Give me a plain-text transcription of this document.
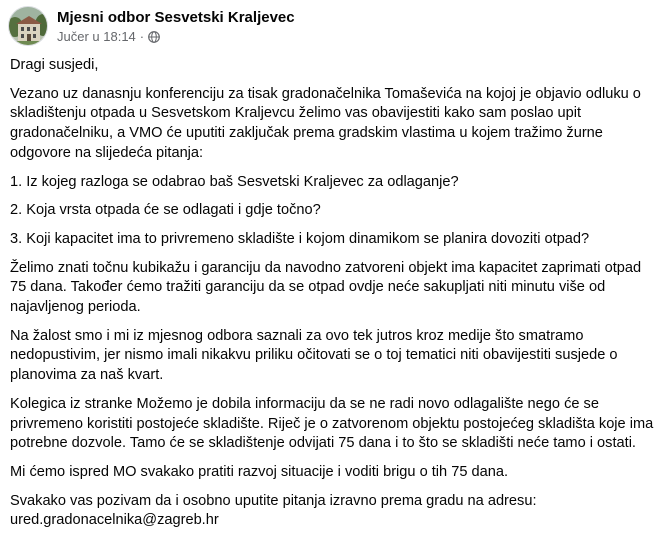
Mjesni odbor Sesvetski Kraljevec
Jučer u 18:14 ·

Dragi susjedi,

Vezano uz danasnju konferenciju za tisak gradonačelnika Tomaševića na kojoj je objavio odluku o skladištenju otpada u Sesvetskom Kraljevcu želimo vas obavijestiti kako sam poslao upit gradonačelniku, a VMO će uputiti zaključak prema gradskim vlastima u kojem tražimo žurne odgovore na slijedeća pitanja:

1. Iz kojeg razloga se odabrao baš Sesvetski Kraljevec za odlaganje?

2. Koja vrsta otpada će se odlagati i gdje točno?

3. Koji kapacitet ima to privremeno skladište i kojom dinamikom se planira dovoziti otpad?

Želimo znati točnu kubikažu i garanciju da navodno zatvoreni objekt ima kapacitet zaprimati otpad 75 dana. Također ćemo tražiti garanciju da se otpad ovdje neće sakupljati niti minutu više od najavljenog perioda.

Na žalost smo i mi iz mjesnog odbora saznali za ovo tek jutros kroz medije što smatramo nedopustivim, jer nismo imali nikakvu priliku očitovati se o toj tematici niti obavijestiti susjede o planovima za naš kvart.

Kolegica iz stranke Možemo je dobila informaciju da se ne radi novo odlagalište nego će se privremeno koristiti postojeće skladište. Riječ je o zatvorenom objektu postojećeg skladišta koje ima potrebne dozvole. Tamo će se skladištenje odvijati 75 dana i to što se skladišti neće tamo i ostati.

Mi ćemo ispred MO svakako pratiti razvoj situacije i voditi brigu o tih 75 dana.

Svakako vas pozivam da i osobno uputite pitanja izravno prema gradu na adresu:
ured.gradonacelnika@zagreb.hr
